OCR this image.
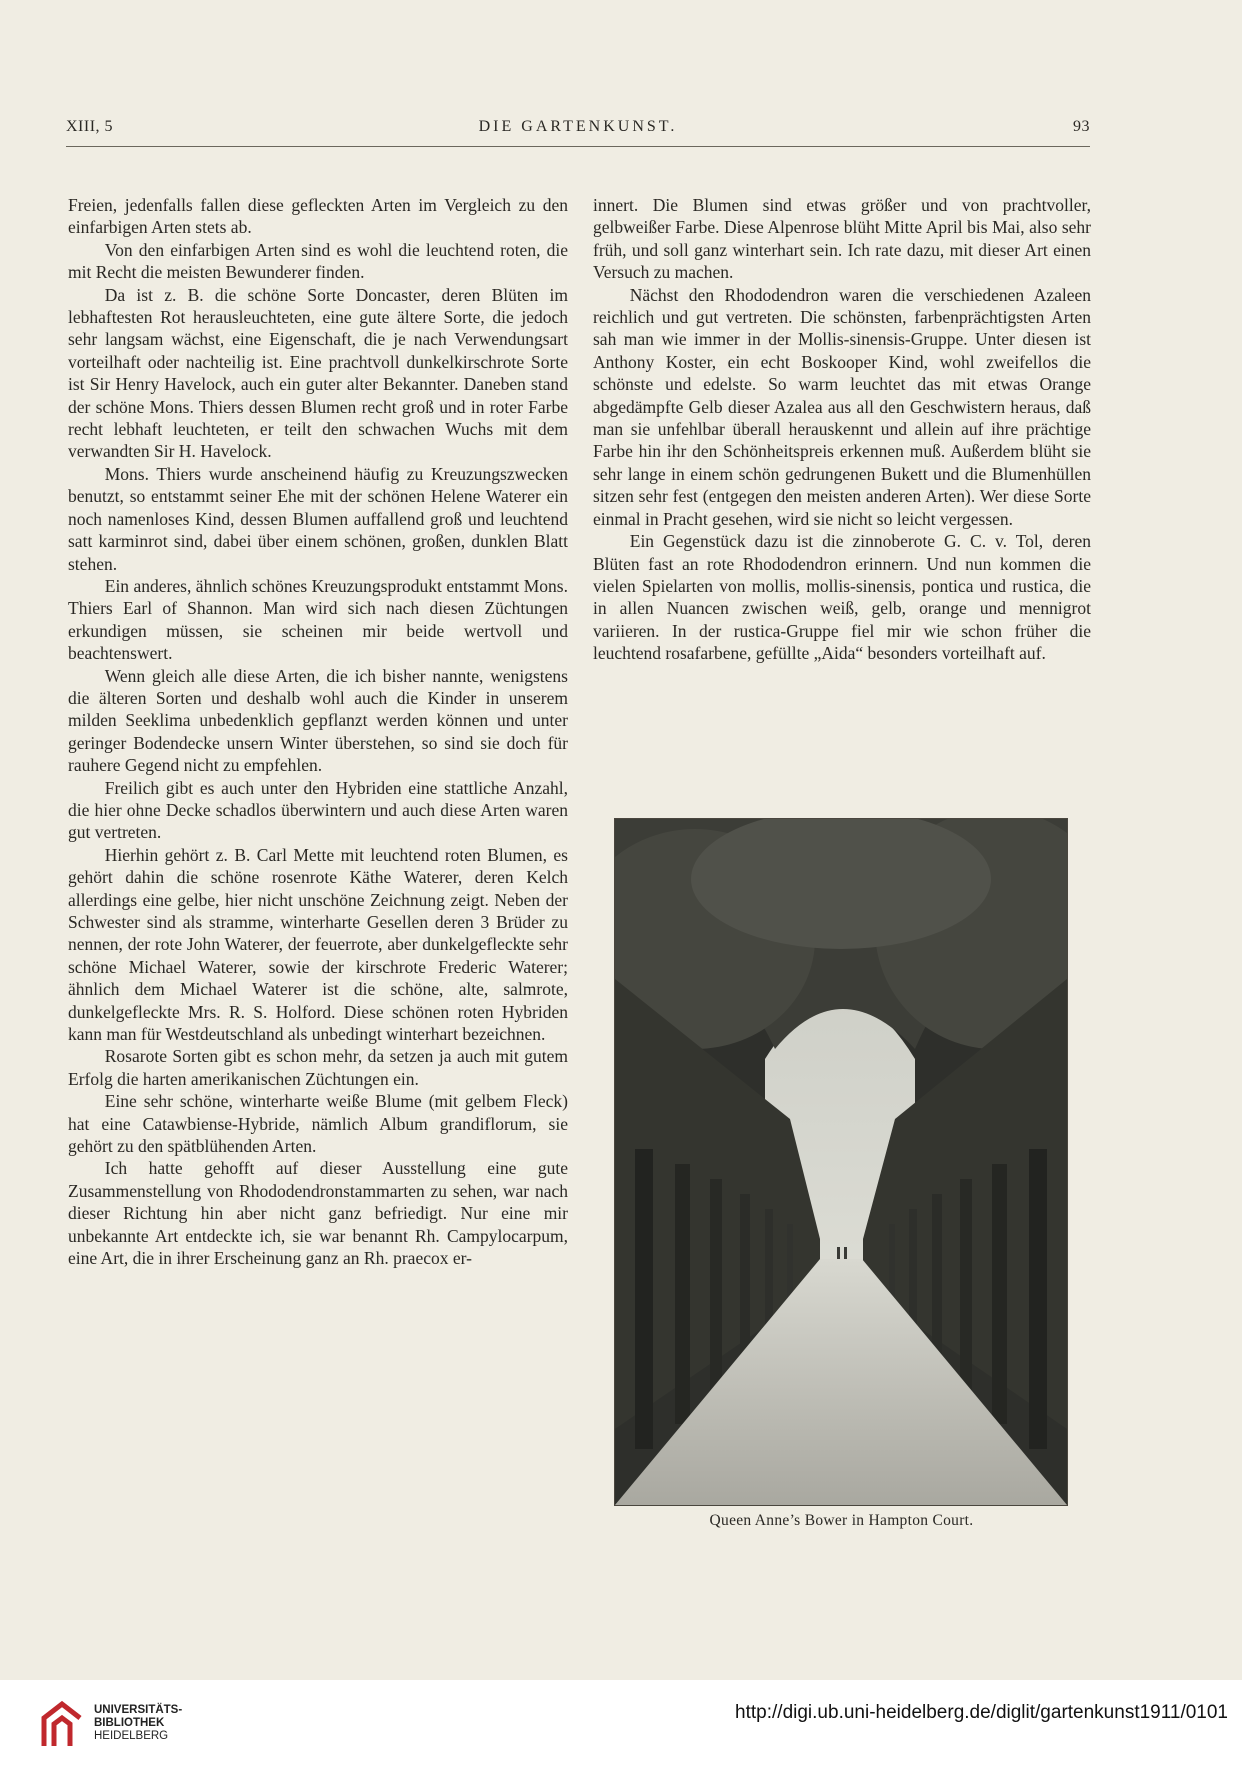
XIII, 5	DIE GARTENKUNST.	93

Freien, jedenfalls fallen diese gefleckten Arten im Vergleich zu den einfarbigen Arten stets ab.

Von den einfarbigen Arten sind es wohl die leuchtend roten, die mit Recht die meisten Bewunderer finden.

Da ist z. B. die schöne Sorte Doncaster, deren Blüten im lebhaftesten Rot herausleuchteten, eine gute ältere Sorte, die jedoch sehr langsam wächst, eine Eigenschaft, die je nach Verwendungsart vorteilhaft oder nachteilig ist. Eine prachtvoll dunkelkirschrote Sorte ist Sir Henry Havelock, auch ein guter alter Bekannter. Daneben stand der schöne Mons. Thiers dessen Blumen recht groß und in roter Farbe recht lebhaft leuchteten, er teilt den schwachen Wuchs mit dem verwandten Sir H. Havelock.

Mons. Thiers wurde anscheinend häufig zu Kreuzungszwecken benutzt, so entstammt seiner Ehe mit der schönen Helene Waterer ein noch namenloses Kind, dessen Blumen auffallend groß und leuchtend satt karminrot sind, dabei über einem schönen, großen, dunklen Blatt stehen.

Ein anderes, ähnlich schönes Kreuzungsprodukt entstammt Mons. Thiers Earl of Shannon. Man wird sich nach diesen Züchtungen erkundigen müssen, sie scheinen mir beide wertvoll und beachtenswert.

Wenn gleich alle diese Arten, die ich bisher nannte, wenigstens die älteren Sorten und deshalb wohl auch die Kinder in unserem milden Seeklima unbedenklich gepflanzt werden können und unter geringer Bodendecke unsern Winter überstehen, so sind sie doch für rauhere Gegend nicht zu empfehlen.

Freilich gibt es auch unter den Hybriden eine stattliche Anzahl, die hier ohne Decke schadlos überwintern und auch diese Arten waren gut vertreten.

Hierhin gehört z. B. Carl Mette mit leuchtend roten Blumen, es gehört dahin die schöne rosenrote Käthe Waterer, deren Kelch allerdings eine gelbe, hier nicht unschöne Zeichnung zeigt. Neben der Schwester sind als stramme, winterharte Gesellen deren 3 Brüder zu nennen, der rote John Waterer, der feuerrote, aber dunkelgefleckte sehr schöne Michael Waterer, sowie der kirschrote Frederic Waterer; ähnlich dem Michael Waterer ist die schöne, alte, salmrote, dunkelgefleckte Mrs. R. S. Holford. Diese schönen roten Hybriden kann man für Westdeutschland als unbedingt winterhart bezeichnen.

Rosarote Sorten gibt es schon mehr, da setzen ja auch mit gutem Erfolg die harten amerikanischen Züchtungen ein.

Eine sehr schöne, winterharte weiße Blume (mit gelbem Fleck) hat eine Catawbiense-Hybride, nämlich Album grandiflorum, sie gehört zu den spätblühenden Arten.

Ich hatte gehofft auf dieser Ausstellung eine gute Zusammenstellung von Rhododendronstammarten zu sehen, war nach dieser Richtung hin aber nicht ganz befriedigt. Nur eine mir unbekannte Art entdeckte ich, sie war benannt Rh. Campylocarpum, eine Art, die in ihrer Erscheinung ganz an Rh. praecox er-

innert. Die Blumen sind etwas größer und von prachtvoller, gelbweißer Farbe. Diese Alpenrose blüht Mitte April bis Mai, also sehr früh, und soll ganz winterhart sein. Ich rate dazu, mit dieser Art einen Versuch zu machen.

Nächst den Rhododendron waren die verschiedenen Azaleen reichlich und gut vertreten. Die schönsten, farbenprächtigsten Arten sah man wie immer in der Mollis-sinensis-Gruppe. Unter diesen ist Anthony Koster, ein echt Boskooper Kind, wohl zweifellos die schönste und edelste. So warm leuchtet das mit etwas Orange abgedämpfte Gelb dieser Azalea aus all den Geschwistern heraus, daß man sie unfehlbar überall herauskennt und allein auf ihre prächtige Farbe hin ihr den Schönheitspreis erkennen muß. Außerdem blüht sie sehr lange in einem schön gedrungenen Bukett und die Blumenhüllen sitzen sehr fest (entgegen den meisten anderen Arten). Wer diese Sorte einmal in Pracht gesehen, wird sie nicht so leicht vergessen.

Ein Gegenstück dazu ist die zinnoberote G. C. v. Tol, deren Blüten fast an rote Rhododendron erinnern. Und nun kommen die vielen Spielarten von mollis, mollis-sinensis, pontica und rustica, die in allen Nuancen zwischen weiß, gelb, orange und mennigrot variieren. In der rustica-Gruppe fiel mir wie schon früher die leuchtend rosafarbene, gefüllte „Aida“ besonders vorteilhaft auf.

Queen Anne’s Bower in Hampton Court.
UNIVERSITÄTS-
BIBLIOTHEK
HEIDELBERG
http://digi.ub.uni-heidelberg.de/diglit/gartenkunst1911/0101
